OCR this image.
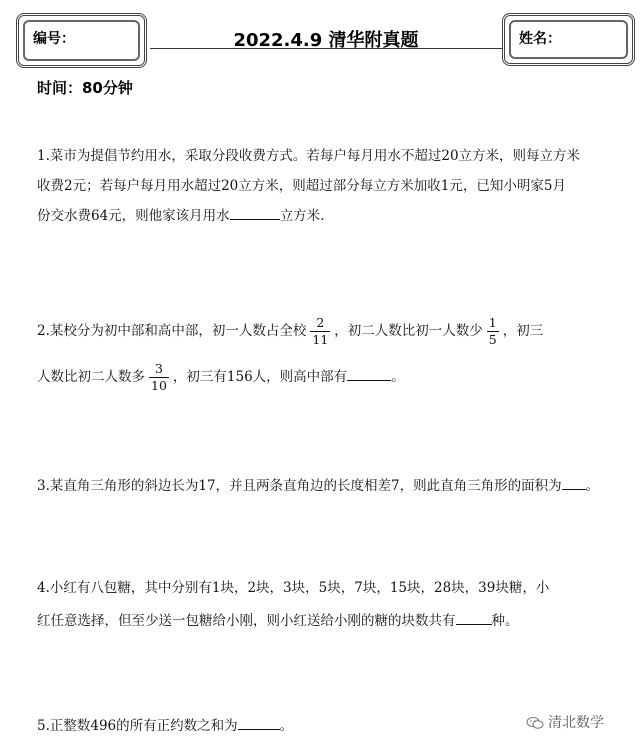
编号：	2022.4.9 清华附真题	姓名：
时间：80分钟
1.菜市为提倡节约用水，采取分段收费方式。若每户每月用水不超过20立方米，则每立方米
收费2元；若每户每月用水超过20立方米，则超过部分每立方米加收1元，已知小明家5月
份交水费64元，则他家该月用水	立方米.
2.某校分为初中部和高中部，初一人数占全校 $\frac{2}{11}$ ，初二人数比初一人数少 $\frac{1}{5}$ ，初三
人数比初二人数多 $\frac{3}{10}$ ，初三有156人，则高中部有	。
3.某直角三角形的斜边长为17，并且两条直角边的长度相差7，则此直角三角形的面积为 。
4.小红有八包糖，其中分别有1块，2块，3块，5块，7块，15块，28块，39块糖，小
红任意选择，但至少送一包糖给小刚，则小红送给小刚的糖的块数共有	种。
5.正整数496的所有正约数之和为	。	清北数学
